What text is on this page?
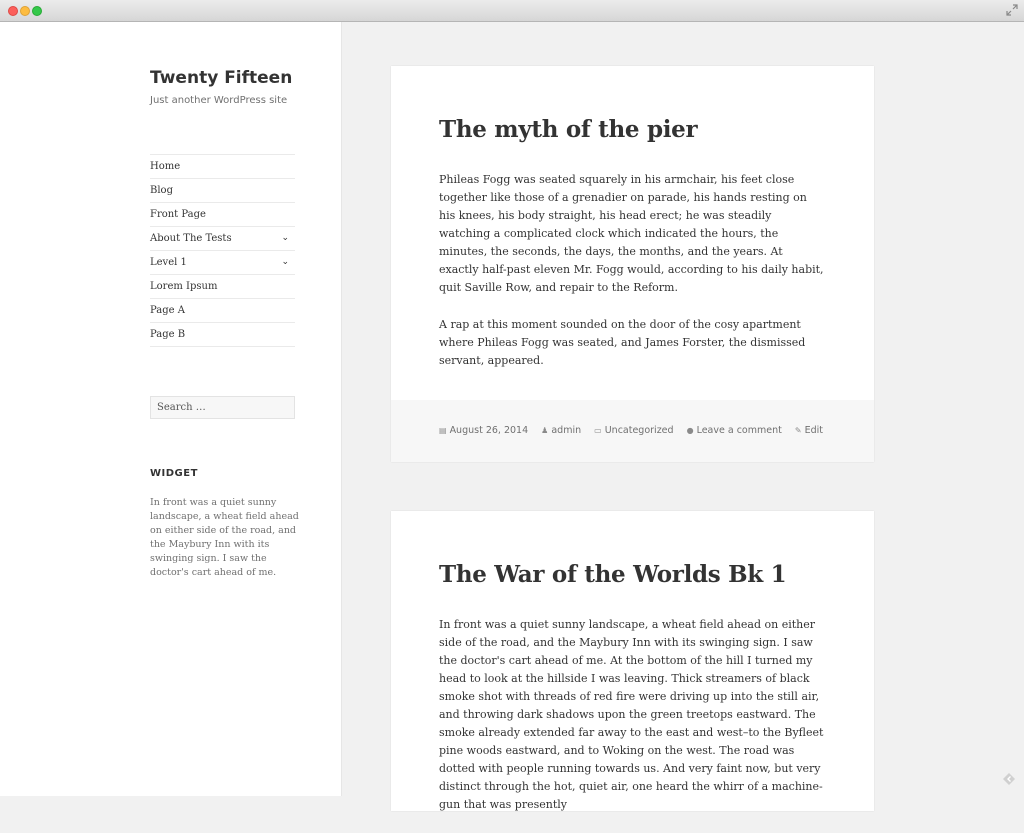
Twenty Fifteen
Just another WordPress site
Home
Blog
Front Page
About The Tests	⌄
Level 1	⌄
Lorem Ipsum
Page A
Page B
Search …
WIDGET
In front was a quiet sunny landscape, a wheat field ahead on either side of the road, and the Maybury Inn with its swinging sign. I saw the doctor's cart ahead of me.
The myth of the pier

Phileas Fogg was seated squarely in his armchair, his feet close together like those of a grenadier on parade, his hands resting on his knees, his body straight, his head erect; he was steadily watching a complicated clock which indicated the hours, the minutes, the seconds, the days, the months, and the years. At exactly half-past eleven Mr. Fogg would, according to his daily habit, quit Saville Row, and repair to the Reform.

A rap at this moment sounded on the door of the cosy apartment where Phileas Fogg was seated, and James Forster, the dismissed servant, appeared.

▤ August 26, 2014 ♟ admin ▭ Uncategorized ● Leave a comment ✎ Edit
The War of the Worlds Bk 1

In front was a quiet sunny landscape, a wheat field ahead on either side of the road, and the Maybury Inn with its swinging sign. I saw the doctor's cart ahead of me. At the bottom of the hill I turned my head to look at the hillside I was leaving. Thick streamers of black smoke shot with threads of red fire were driving up into the still air, and throwing dark shadows upon the green treetops eastward. The smoke already extended far away to the east and west–to the Byfleet pine woods eastward, and to Woking on the west. The road was dotted with people running towards us. And very faint now, but very distinct through the hot, quiet air, one heard the whirr of a machine-gun that was presently
